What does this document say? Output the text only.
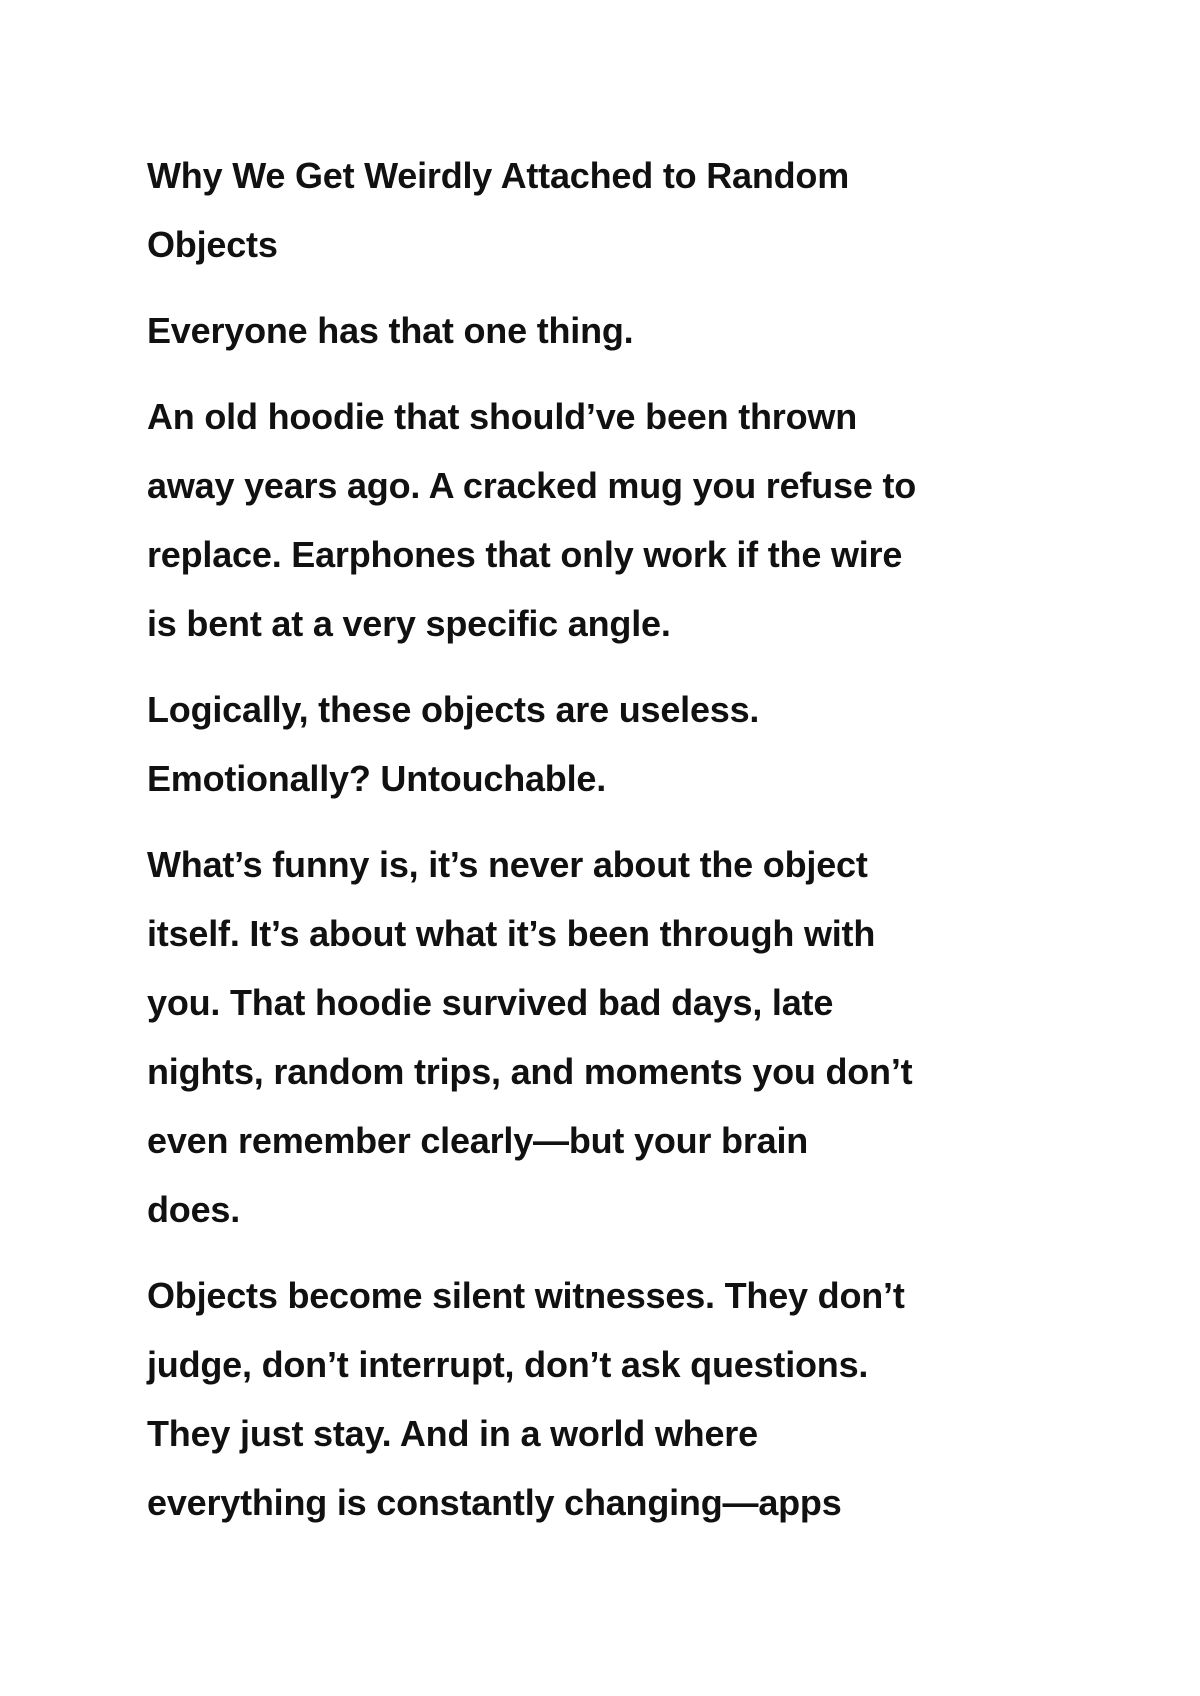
Why We Get Weirdly Attached to Random
Objects

Everyone has that one thing.

An old hoodie that should’ve been thrown
away years ago. A cracked mug you refuse to
replace. Earphones that only work if the wire
is bent at a very specific angle.

Logically, these objects are useless.
Emotionally? Untouchable.

What’s funny is, it’s never about the object
itself. It’s about what it’s been through with
you. That hoodie survived bad days, late
nights, random trips, and moments you don’t
even remember clearly—but your brain
does.

Objects become silent witnesses. They don’t
judge, don’t interrupt, don’t ask questions.
They just stay. And in a world where
everything is constantly changing—apps
